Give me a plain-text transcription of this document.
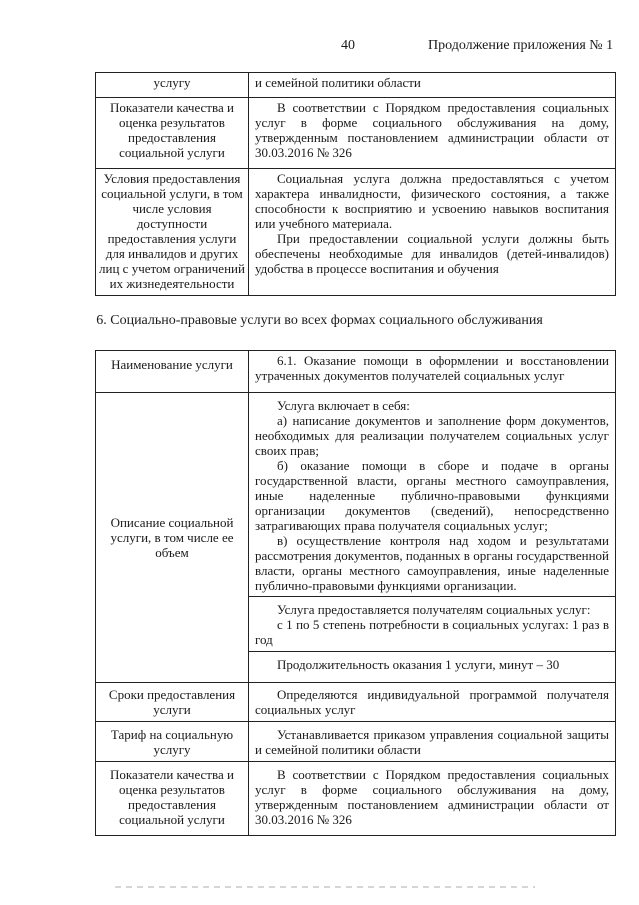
40	Продолжение приложения № 1
услугу	и семейной политики области

Показатели качества и оценка результатов предоставления социальной услуги	В соответствии с Порядком предоставления социальных услуг в форме социального обслуживания на дому, утвержденным постановлением администрации области от 30.03.2016 № 326

Условия предоставления социальной услуги, в том числе условия доступности предоставления услуги для инвалидов и других лиц с учетом ограничений их жизнедеятельности	Социальная услуга должна предоставляться с учетом характера инвалидности, физического состояния, а также способности к восприятию и усвоению навыков воспитания или учебного материала.

При предоставлении социальной услуги должны быть обеспечены необходимые для инвалидов (детей-инвалидов) удобства в процессе воспитания и обучения

6. Социально-правовые услуги во всех формах социального обслуживания
Наименование услуги	6.1. Оказание помощи в оформлении и восстановлении утраченных документов получателей социальных услуг

Описание социальной услуги, в том числе ее объем	Услуга включает в себя:

а) написание документов и заполнение форм документов, необходимых для реализации получателем социальных услуг своих прав;

б) оказание помощи в сборе и подаче в органы государственной власти, органы местного самоуправления, иные наделенные публично-правовыми функциями организации документов (сведений), непосредственно затрагивающих права получателя социальных услуг;

в) осуществление контроля над ходом и результатами рассмотрения документов, поданных в органы государственной власти, органы местного самоуправления, иные наделенные публично-правовыми функциями организации.

	Услуга предоставляется получателям социальных услуг:

с 1 по 5 степень потребности в социальных услугах: 1 раз в год

	Продолжительность оказания 1 услуги, минут – 30

Сроки предоставления услуги	Определяются индивидуальной программой получателя социальных услуг

Тариф на социальную услугу	Устанавливается приказом управления социальной защиты и семейной политики области

Показатели качества и оценка результатов предоставления социальной услуги	В соответствии с Порядком предоставления социальных услуг в форме социального обслуживания на дому, утвержденным постановлением администрации области от 30.03.2016 № 326
